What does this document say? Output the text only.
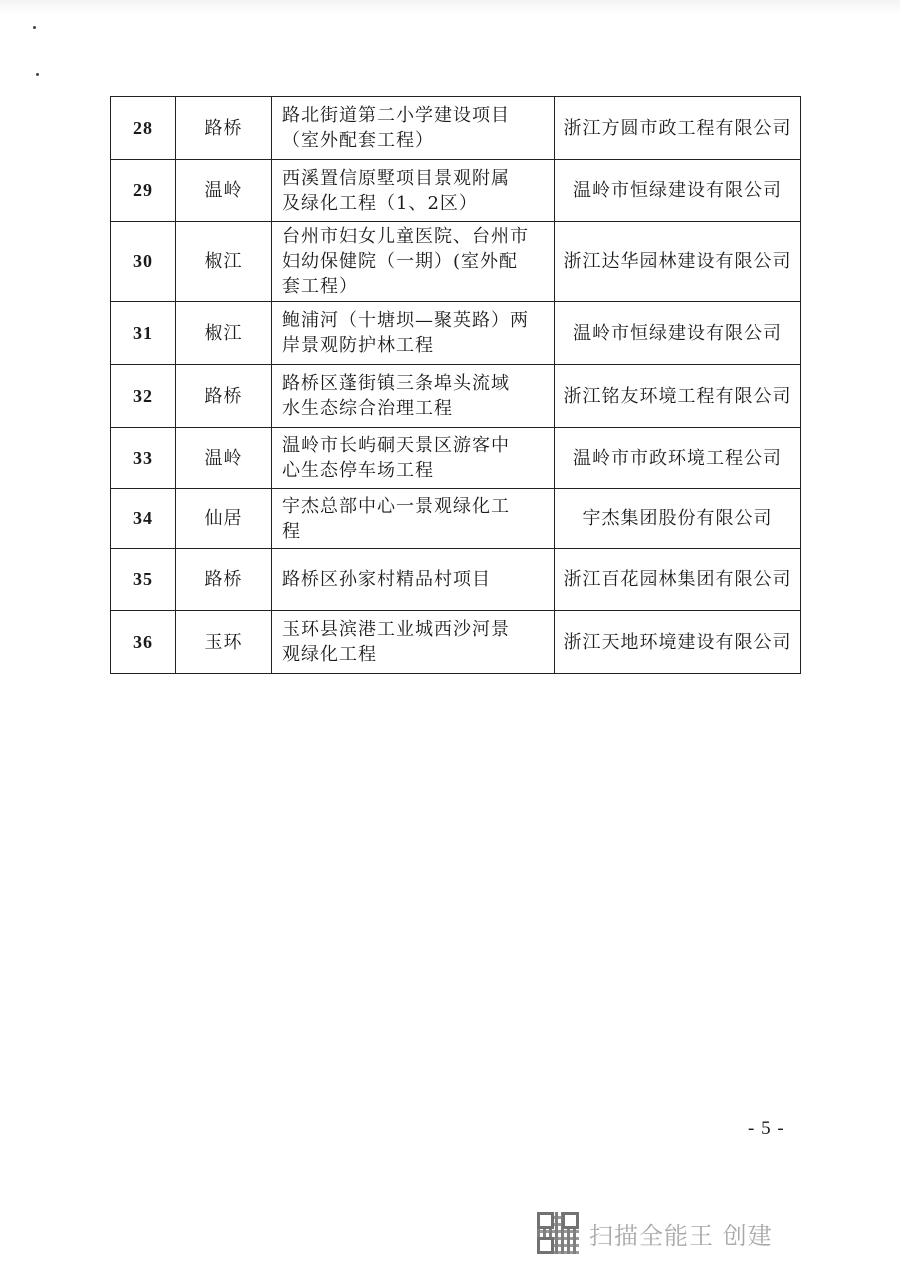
28	路桥	路北街道第二小学建设项目
（室外配套工程）	浙江方圆市政工程有限公司
29	温岭	西溪置信原墅项目景观附属
及绿化工程（1、2区）	温岭市恒绿建设有限公司
30	椒江	台州市妇女儿童医院、台州市
妇幼保健院（一期）(室外配
套工程）	浙江达华园林建设有限公司
31	椒江	鲍浦河（十塘坝—聚英路）两
岸景观防护林工程	温岭市恒绿建设有限公司
32	路桥	路桥区蓬街镇三条埠头流域
水生态综合治理工程	浙江铭友环境工程有限公司
33	温岭	温岭市长屿硐天景区游客中
心生态停车场工程	温岭市市政环境工程公司
34	仙居	宇杰总部中心一景观绿化工
程	宇杰集团股份有限公司
35	路桥	路桥区孙家村精品村项目	浙江百花园林集团有限公司
36	玉环	玉环县滨港工业城西沙河景
观绿化工程	浙江天地环境建设有限公司
- 5 -
扫描全能王 创建
